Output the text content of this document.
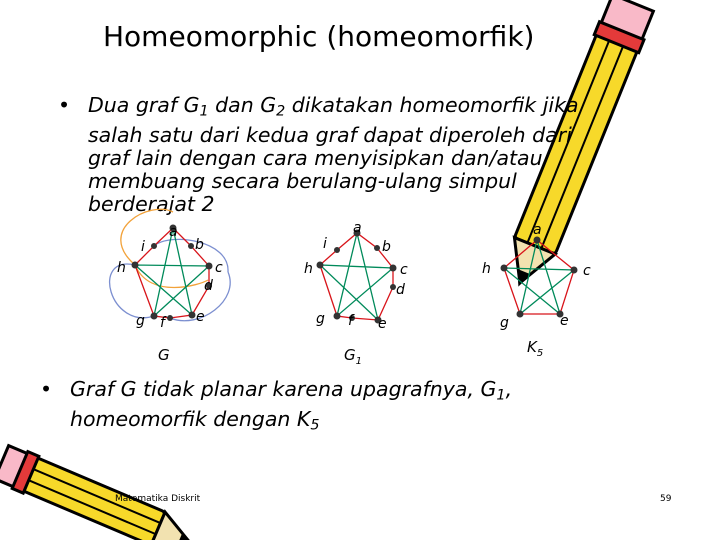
Homeomorphic (homeomorfik)
• Dua graf $G_1$ dan $G_2$ dikatakan homeomorfik jika salah satu dari kedua graf dapat diperoleh dari graf lain dengan cara menyisipkan dan/atau membuang secara berulang-ulang simpul berderajat 2
a
b
c
d
e
f
g
h
i
G
a
b
c
d
e
f
g
h
i
$G_1$
a
c
e
g
h
$K_5$
• Graf G tidak planar karena upagrafnya, $G_1$, homeomorfik dengan $K_5$
Matematika Diskrit	59
